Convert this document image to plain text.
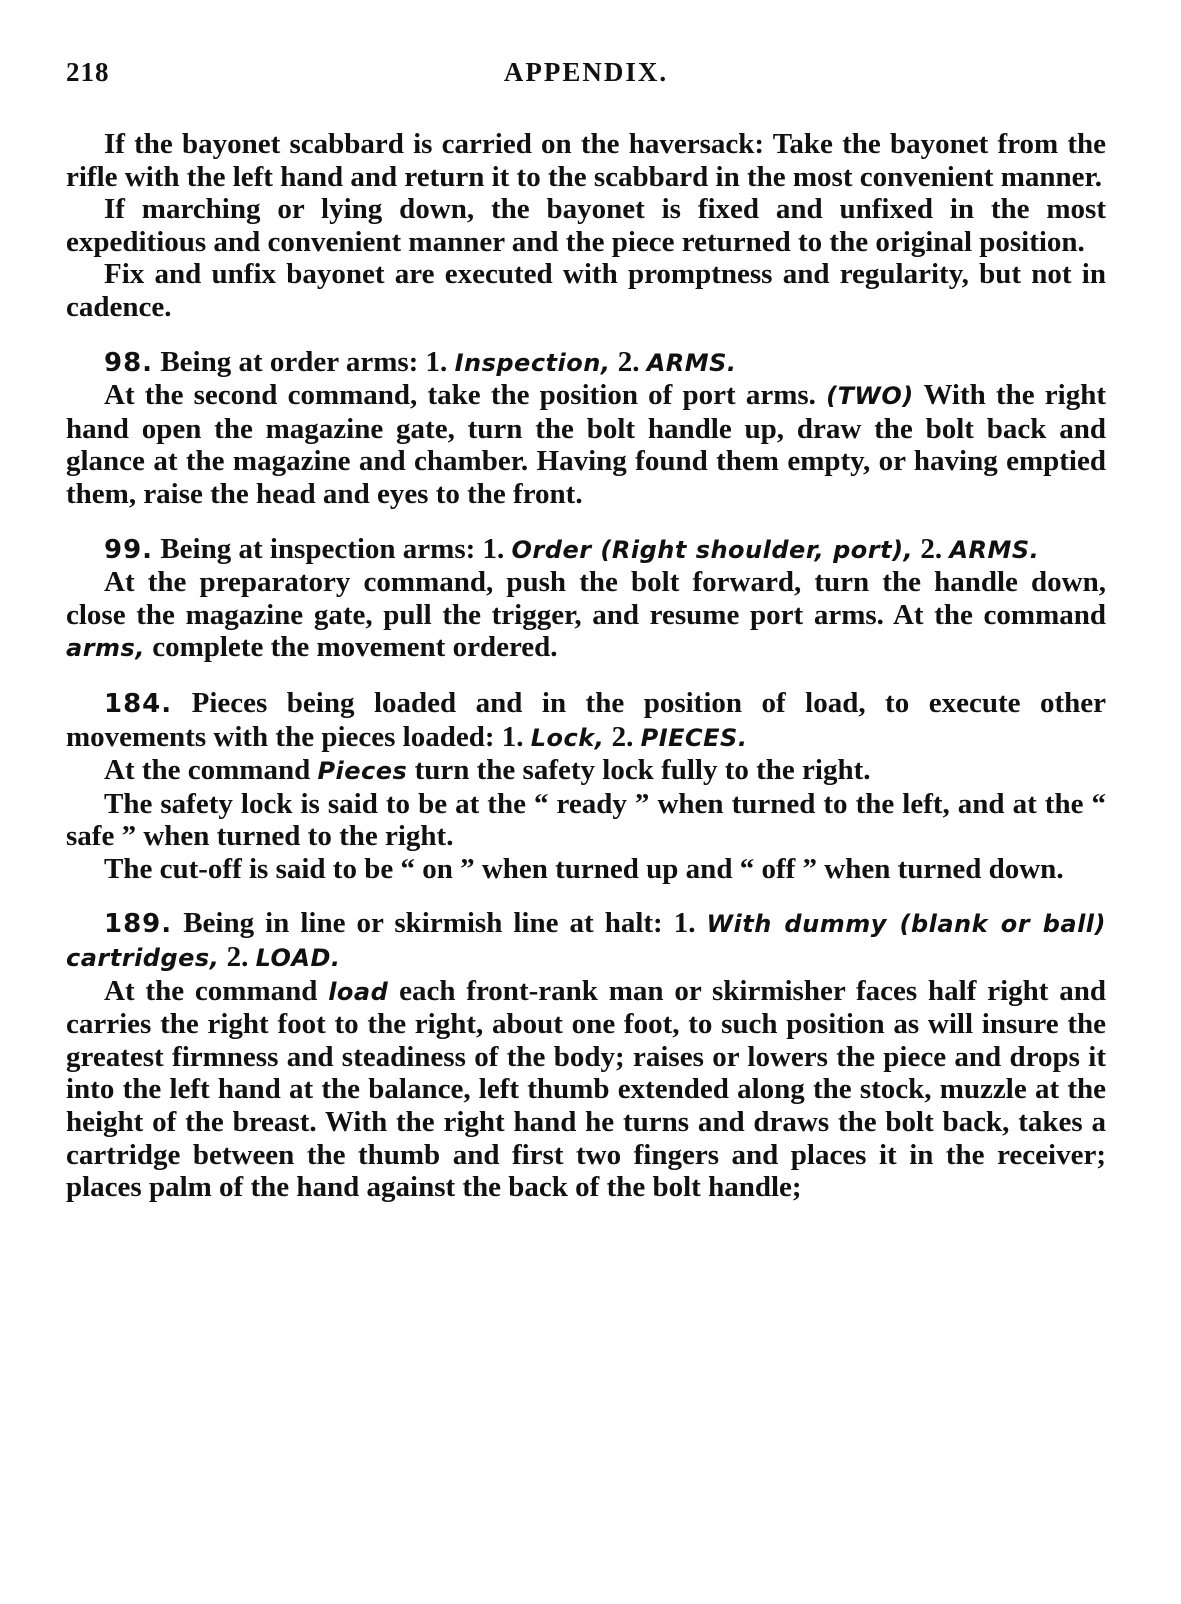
218	APPENDIX.

If the bayonet scabbard is carried on the haversack: Take the bayonet from the rifle with the left hand and return it to the scabbard in the most convenient manner.

If marching or lying down, the bayonet is fixed and unfixed in the most expeditious and convenient manner and the piece returned to the original position.

Fix and unfix bayonet are executed with promptness and regularity, but not in cadence.

98. Being at order arms: 1. Inspection, 2. ARMS.

At the second command, take the position of port arms. (TWO) With the right hand open the magazine gate, turn the bolt handle up, draw the bolt back and glance at the magazine and chamber. Having found them empty, or having emptied them, raise the head and eyes to the front.

99. Being at inspection arms: 1. Order (Right shoulder, port), 2. ARMS.

At the preparatory command, push the bolt forward, turn the handle down, close the magazine gate, pull the trigger, and resume port arms. At the command arms, complete the movement ordered.

184. Pieces being loaded and in the position of load, to execute other movements with the pieces loaded: 1. Lock, 2. PIECES.

At the command Pieces turn the safety lock fully to the right.

The safety lock is said to be at the “ ready ” when turned to the left, and at the “ safe ” when turned to the right.

The cut-off is said to be “ on ” when turned up and “ off ” when turned down.

189. Being in line or skirmish line at halt: 1. With dummy (blank or ball) cartridges, 2. LOAD.

At the command load each front-rank man or skirmisher faces half right and carries the right foot to the right, about one foot, to such position as will insure the greatest firmness and steadiness of the body; raises or lowers the piece and drops it into the left hand at the balance, left thumb extended along the stock, muzzle at the height of the breast. With the right hand he turns and draws the bolt back, takes a cartridge between the thumb and first two fingers and places it in the receiver; places palm of the hand against the back of the bolt handle;
